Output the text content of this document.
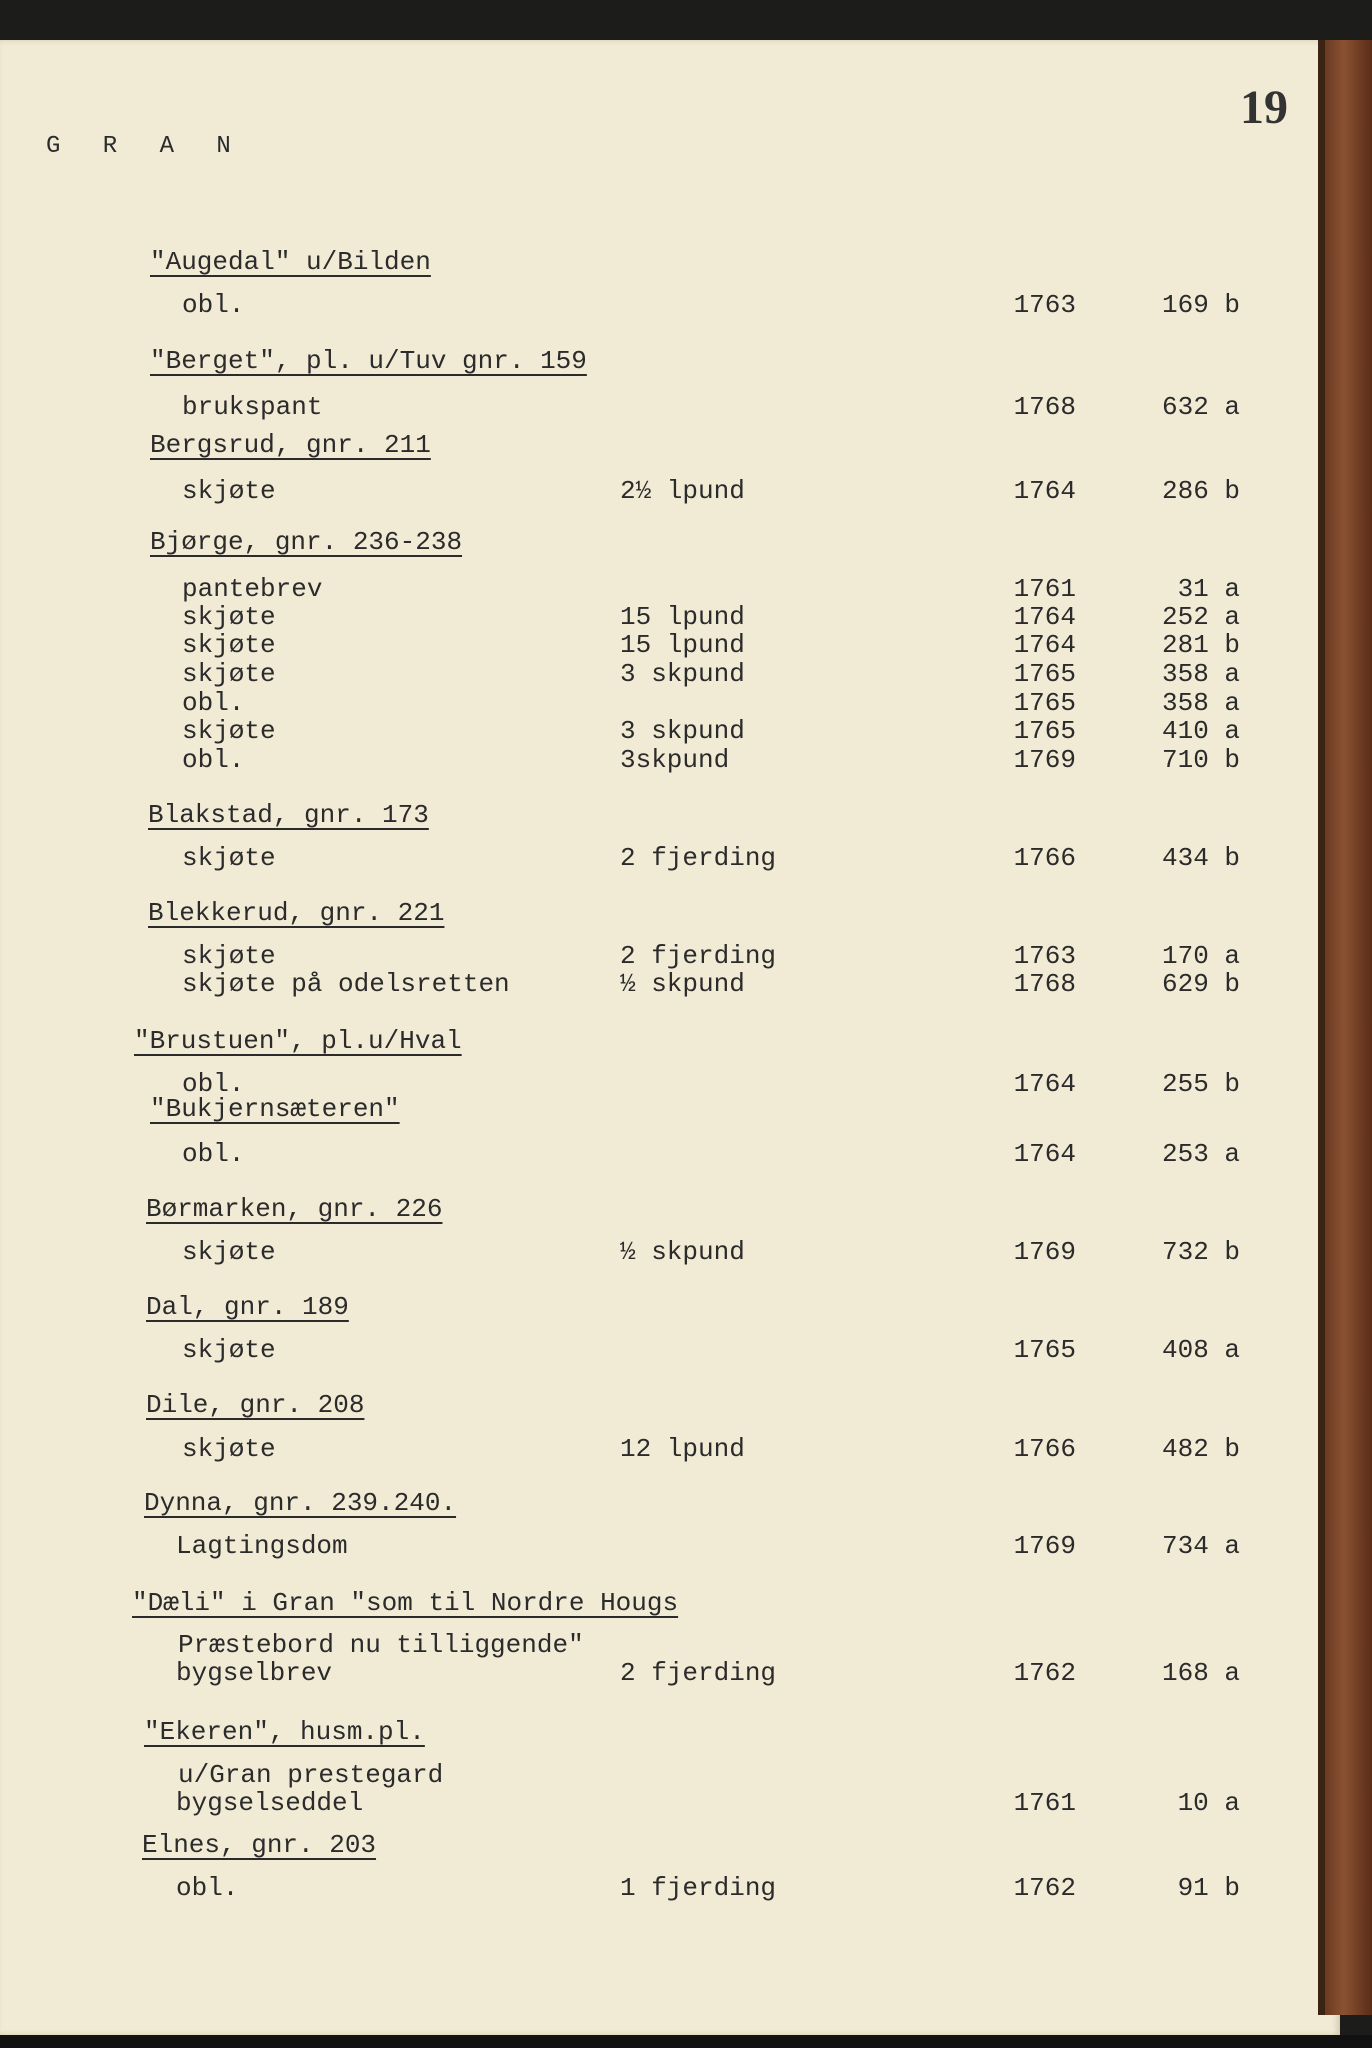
G R A N
19
"Augedal" u/Bilden
obl.	1763	169 b
"Berget", pl. u/Tuv gnr. 159
brukspant	1768	632 a
Bergsrud, gnr. 211
skjøte	2½ lpund	1764	286 b
Bjørge, gnr. 236-238
pantebrev	1761	31 a
skjøte	15 lpund	1764	252 a
skjøte	15 lpund	1764	281 b
skjøte	3 skpund	1765	358 a
obl.	1765	358 a
skjøte	3 skpund	1765	410 a
obl.	3skpund	1769	710 b
Blakstad, gnr. 173
skjøte	2 fjerding	1766	434 b
Blekkerud, gnr. 221
skjøte	2 fjerding	1763	170 a
skjøte på odelsretten	½ skpund	1768	629 b
"Brustuen", pl.u/Hval
obl.	1764	255 b
"Bukjernsæteren"
obl.	1764	253 a
Børmarken, gnr. 226
skjøte	½ skpund	1769	732 b
Dal, gnr. 189
skjøte	1765	408 a
Dile, gnr. 208
skjøte	12 lpund	1766	482 b
Dynna, gnr. 239.240.
Lagtingsdom	1769	734 a
"Dæli" i Gran "som til Nordre Hougs
Præstebord nu tilliggende"
bygselbrev	2 fjerding	1762	168 a
"Ekeren", husm.pl.
u/Gran prestegard
bygselseddel	1761	10 a
Elnes, gnr. 203
obl.	1 fjerding	1762	91 b
